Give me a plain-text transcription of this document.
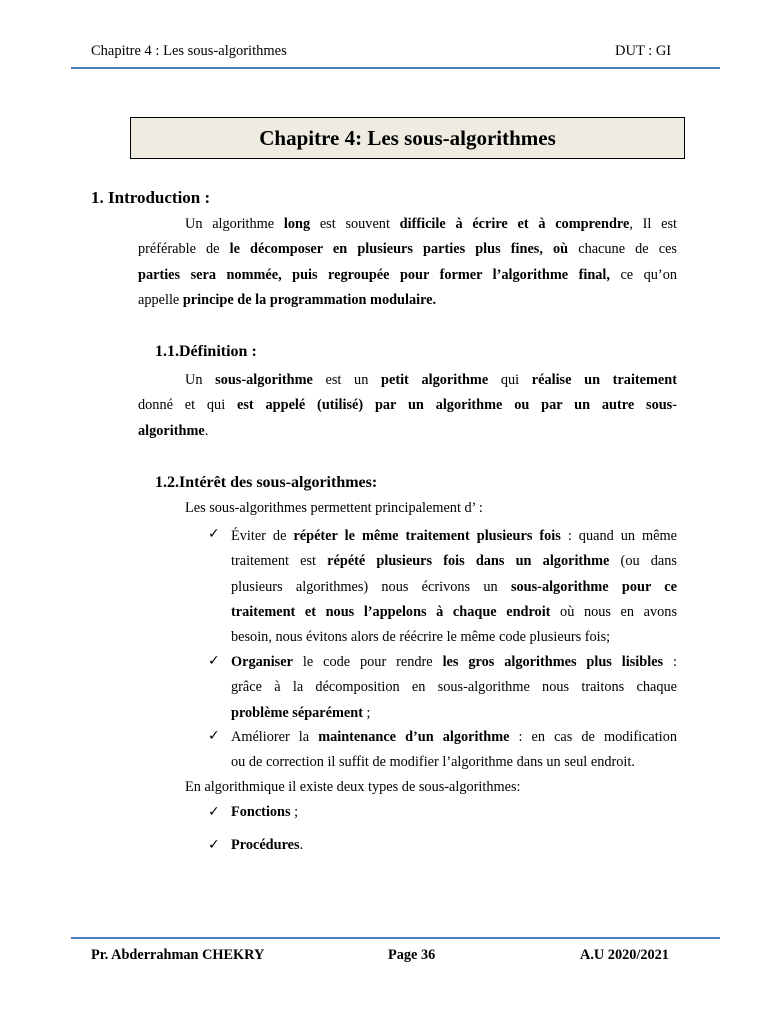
Chapitre 4 : Les sous-algorithmes	DUT : GI
Chapitre 4: Les sous-algorithmes
1. Introduction :
Un algorithme long est souvent difficile à écrire et à comprendre, Il est
préférable de le décomposer en plusieurs parties plus fines, où chacune de ces
parties sera nommée, puis regroupée pour former l’algorithme final, ce qu’on
appelle principe de la programmation modulaire.
1.1.Définition :
Un sous-algorithme est un petit algorithme qui réalise un traitement
donné et qui est appelé (utilisé) par un algorithme ou par un autre sous-
algorithme.
1.2.Intérêt des sous-algorithmes:
Les sous-algorithmes permettent principalement d’ :
✓ Éviter de répéter le même traitement plusieurs fois : quand un même
traitement est répété plusieurs fois dans un algorithme (ou dans
plusieurs algorithmes) nous écrivons un sous-algorithme pour ce
traitement et nous l’appelons à chaque endroit où nous en avons
besoin, nous évitons alors de réécrire le même code plusieurs fois;
✓ Organiser le code pour rendre les gros algorithmes plus lisibles :
grâce à la décomposition en sous-algorithme nous traitons chaque
problème séparément ;
✓ Améliorer la maintenance d’un algorithme : en cas de modification
ou de correction il suffit de modifier l’algorithme dans un seul endroit.
En algorithmique il existe deux types de sous-algorithmes:
✓ Fonctions ;
✓ Procédures.
Pr. Abderrahman CHEKRY	Page 36	A.U 2020/2021
